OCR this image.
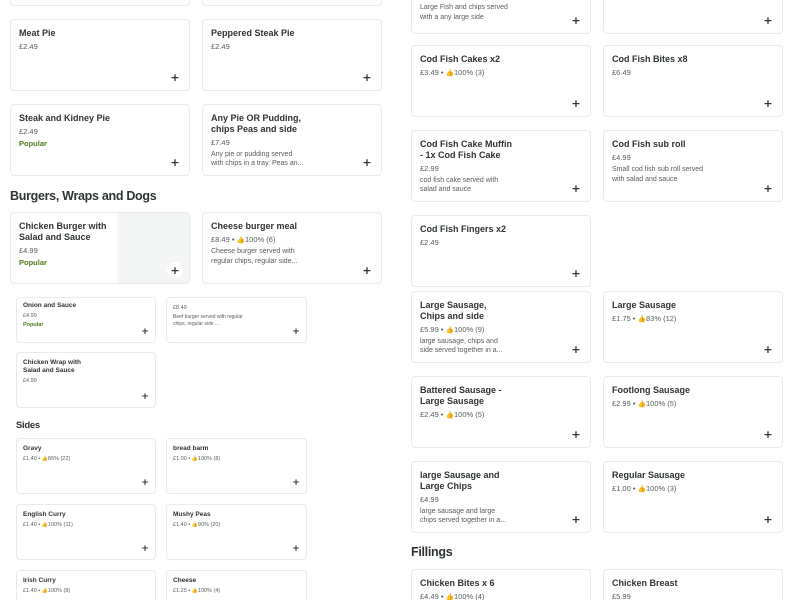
Meat Pie
£2.49
+
Peppered Steak Pie
£2.49
+
Steak and Kidney Pie
£2.49
Popular
+
Any Pie OR Pudding, chips Peas and side
£7.49
Any pie or pudding served with chips in a tray. Peas an...	+
Burgers, Wraps and Dogs
Chicken Burger with Salad and Sauce
£4.99
Popular
+
Cheese burger meal
£8.49 • 👍100% (6)
Cheese burger served with regular chips, regular side...
+
Onion and Sauce
£4.99
Popular
+
£8.49
Beef burger served with regular chips, regular side ...
+
Chicken Wrap with Salad and Sauce
£4.99
+
Sides
Gravy
£1.40 • 👍86% (22)
+
bread barm
£1.00 • 👍100% (8)
+
English Curry
£1.40 • 👍100% (11)
+
Mushy Peas
£1.40 • 👍90% (20)
+
Irish Curry
£1.40 • 👍100% (8)
Cheese
£1.25 • 👍100% (4)
Large Fish and chips served with a any large side	+	+
Cod Fish Cakes x2
£3.49 • 👍100% (3)
+
Cod Fish Bites x8
£6.49
+
Cod Fish Cake Muffin - 1x Cod Fish Cake
£2.99
cod fish cake served with salad and sauce	+
Cod Fish sub roll
£4.99
Small cod fish sub roll served with salad and sauce
+
Cod Fish Fingers x2
£2.49
+
Large Sausage, Chips and side
£5.99 • 👍100% (9)
large sausage, chips and side served together in a...	+
Large Sausage
£1.75 • 👍83% (12)
+
Battered Sausage - Large Sausage
£2.49 • 👍100% (5)
+
Footlong Sausage
£2.99 • 👍100% (5)
+
large Sausage and Large Chips
£4.99
large sausage and large chips served together in a...	+
Regular Sausage
£1.00 • 👍100% (3)
+
Fillings
Chicken Bites x 6
£4.49 • 👍100% (4)
Chicken Breast
£5.99
